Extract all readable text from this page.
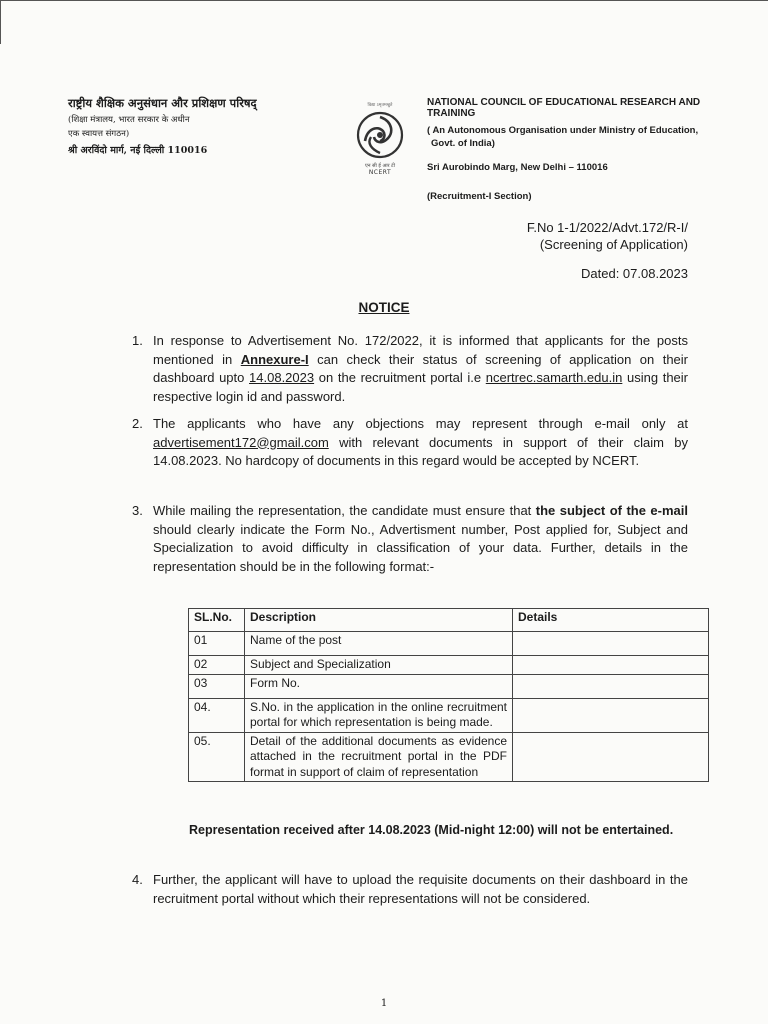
राष्ट्रीय शैक्षिक अनुसंधान और प्रशिक्षण परिषद्
(शिक्षा मंत्रालय, भारत सरकार के अधीन
एक स्वायत्त संगठन)
श्री अरविंदो मार्ग, नई दिल्ली 110016
विद्या ऽमृतमश्नुते
एन सी ई आर टी
NCERT
NATIONAL COUNCIL OF EDUCATIONAL RESEARCH AND TRAINING
( An Autonomous Organisation under Ministry of Education,
Govt. of India)
Sri Aurobindo Marg, New Delhi – 110016
(Recruitment-I Section)
F.No 1-1/2022/Advt.172/R-I/
(Screening of Application)
Dated: 07.08.2023
NOTICE
1. In response to Advertisement No. 172/2022, it is informed that applicants for the posts mentioned in Annexure-I can check their status of screening of application on their dashboard upto 14.08.2023 on the recruitment portal i.e ncertrec.samarth.edu.in using their respective login id and password.
2. The applicants who have any objections may represent through e-mail only at advertisement172@gmail.com with relevant documents in support of their claim by 14.08.2023. No hardcopy of documents in this regard would be accepted by NCERT.
3. While mailing the representation, the candidate must ensure that the subject of the e-mail should clearly indicate the Form No., Advertisment number, Post applied for, Subject and Specialization to avoid difficulty in classification of your data. Further, details in the representation should be in the following format:-
SL.No.	Description	Details
01	Name of the post	
02	Subject and Specialization	
03	Form No.	
04.	S.No. in the application in the online recruitment portal for which representation is being made.	
05.	Detail of the additional documents as evidence attached in the recruitment portal in the PDF format in support of claim of representation	
Representation received after 14.08.2023 (Mid-night 12:00) will not be entertained.
4. Further, the applicant will have to upload the requisite documents on their dashboard in the recruitment portal without which their representations will not be considered.
1
